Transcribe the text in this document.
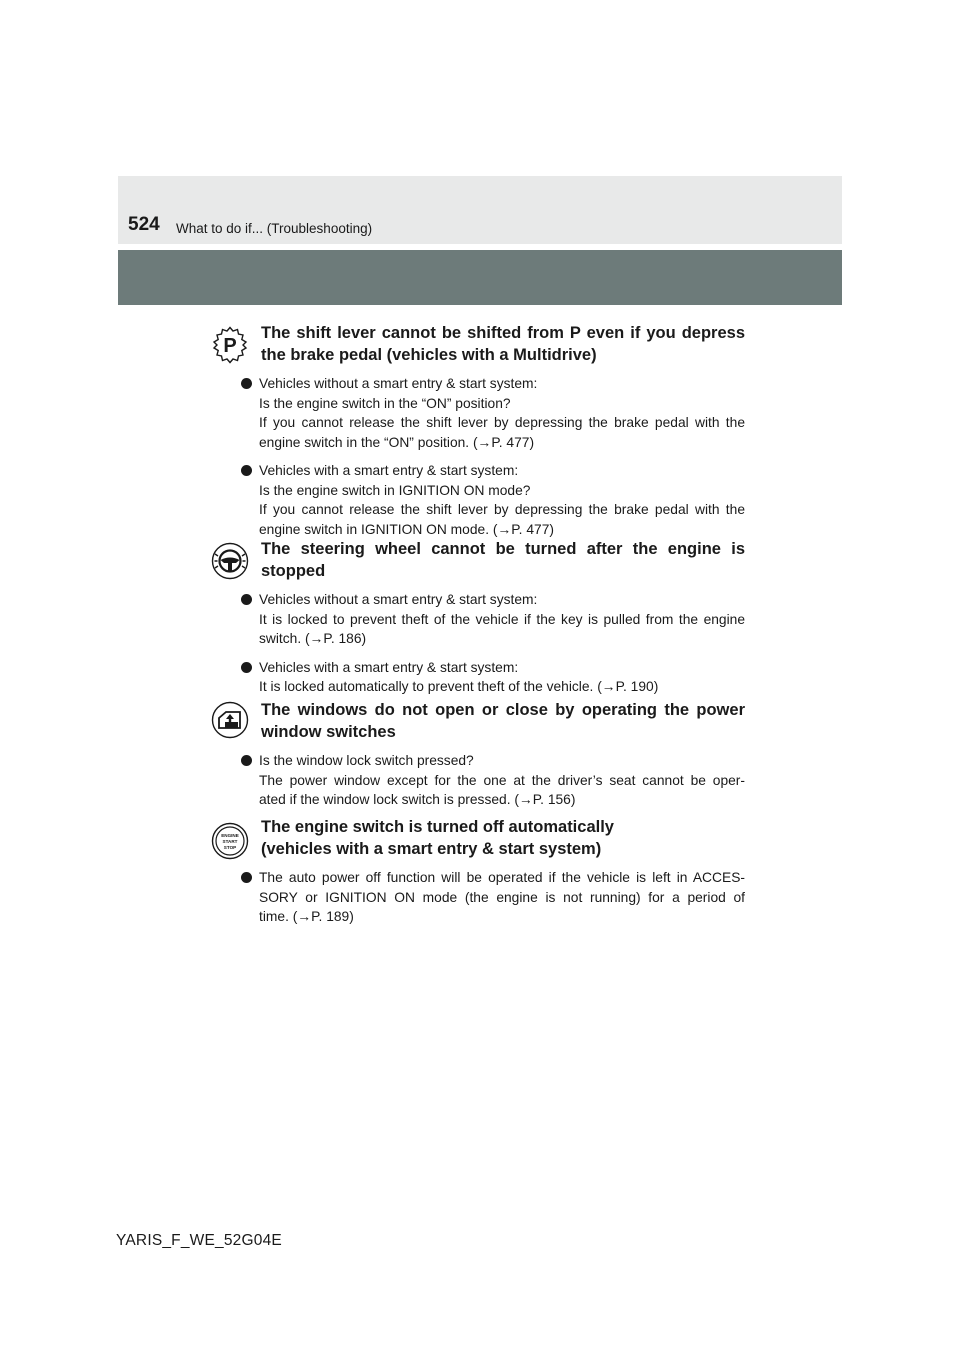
524 What to do if... (Troubleshooting)
P
The shift lever cannot be shifted from P even if you depress
the brake pedal (vehicles with a Multidrive)
Vehicles without a smart entry & start system:
Is the engine switch in the “ON” position?
If you cannot release the shift lever by depressing the brake pedal with the
engine switch in the “ON” position. (→P. 477)
Vehicles with a smart entry & start system:
Is the engine switch in IGNITION ON mode?
If you cannot release the shift lever by depressing the brake pedal with the
engine switch in IGNITION ON mode. (→P. 477)
The steering wheel cannot be turned after the engine is
stopped
Vehicles without a smart entry & start system:
It is locked to prevent theft of the vehicle if the key is pulled from the engine
switch. (→P. 186)
Vehicles with a smart entry & start system:
It is locked automatically to prevent theft of the vehicle. (→P. 190)
The windows do not open or close by operating the power
window switches
Is the window lock switch pressed?
The power window except for the one at the driver’s seat cannot be oper-
ated if the window lock switch is pressed. (→P. 156)
ENGINE
START
STOP
The engine switch is turned off automatically
(vehicles with a smart entry & start system)
The auto power off function will be operated if the vehicle is left in ACCES-
SORY or IGNITION ON mode (the engine is not running) for a period of
time. (→P. 189)
YARIS_F_WE_52G04E
